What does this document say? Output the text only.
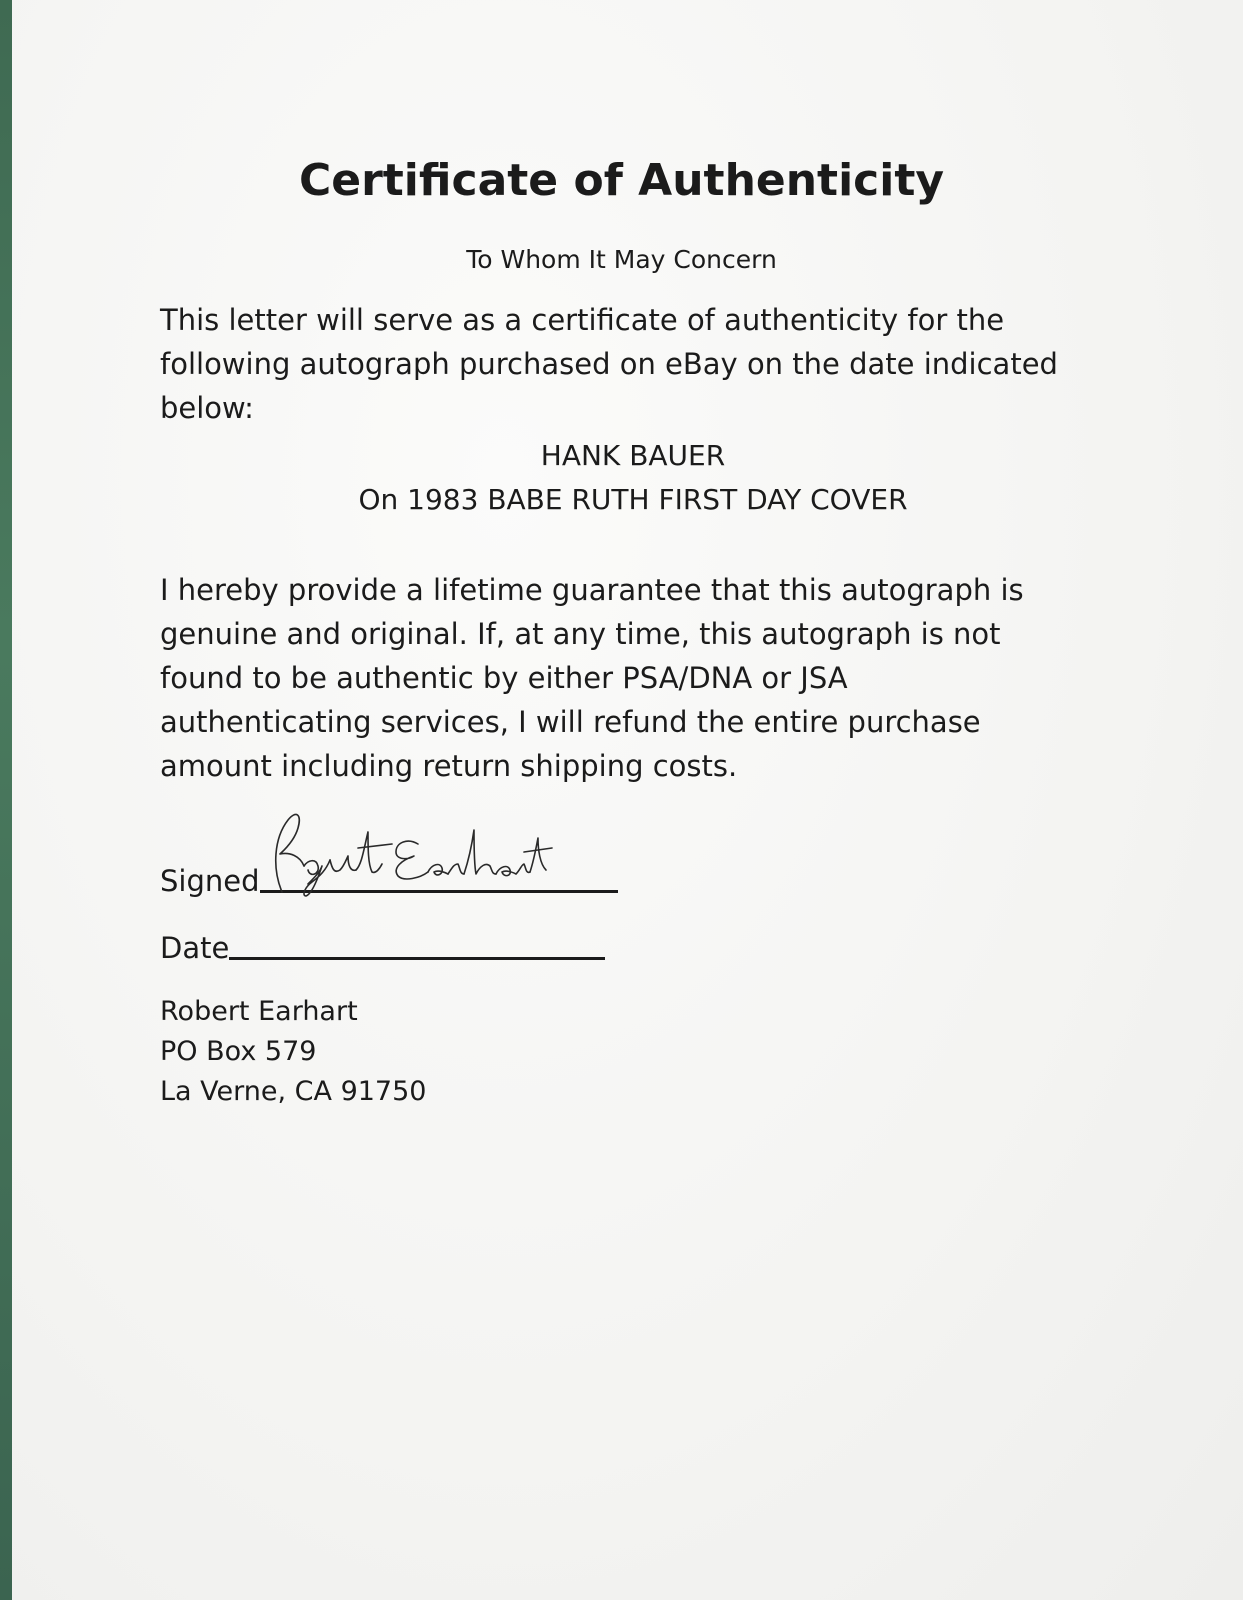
Certificate of Authenticity
To Whom It May Concern

This letter will serve as a certificate of authenticity for the
following autograph purchased on eBay on the date indicated
below:

HANK BAUER
On 1983 BABE RUTH FIRST DAY COVER

I hereby provide a lifetime guarantee that this autograph is
genuine and original. If, at any time, this autograph is not
found to be authentic by either PSA/DNA or JSA
authenticating services, I will refund the entire purchase
amount including return shipping costs.

Signed
Date
Robert Earhart
PO Box 579
La Verne, CA 91750
